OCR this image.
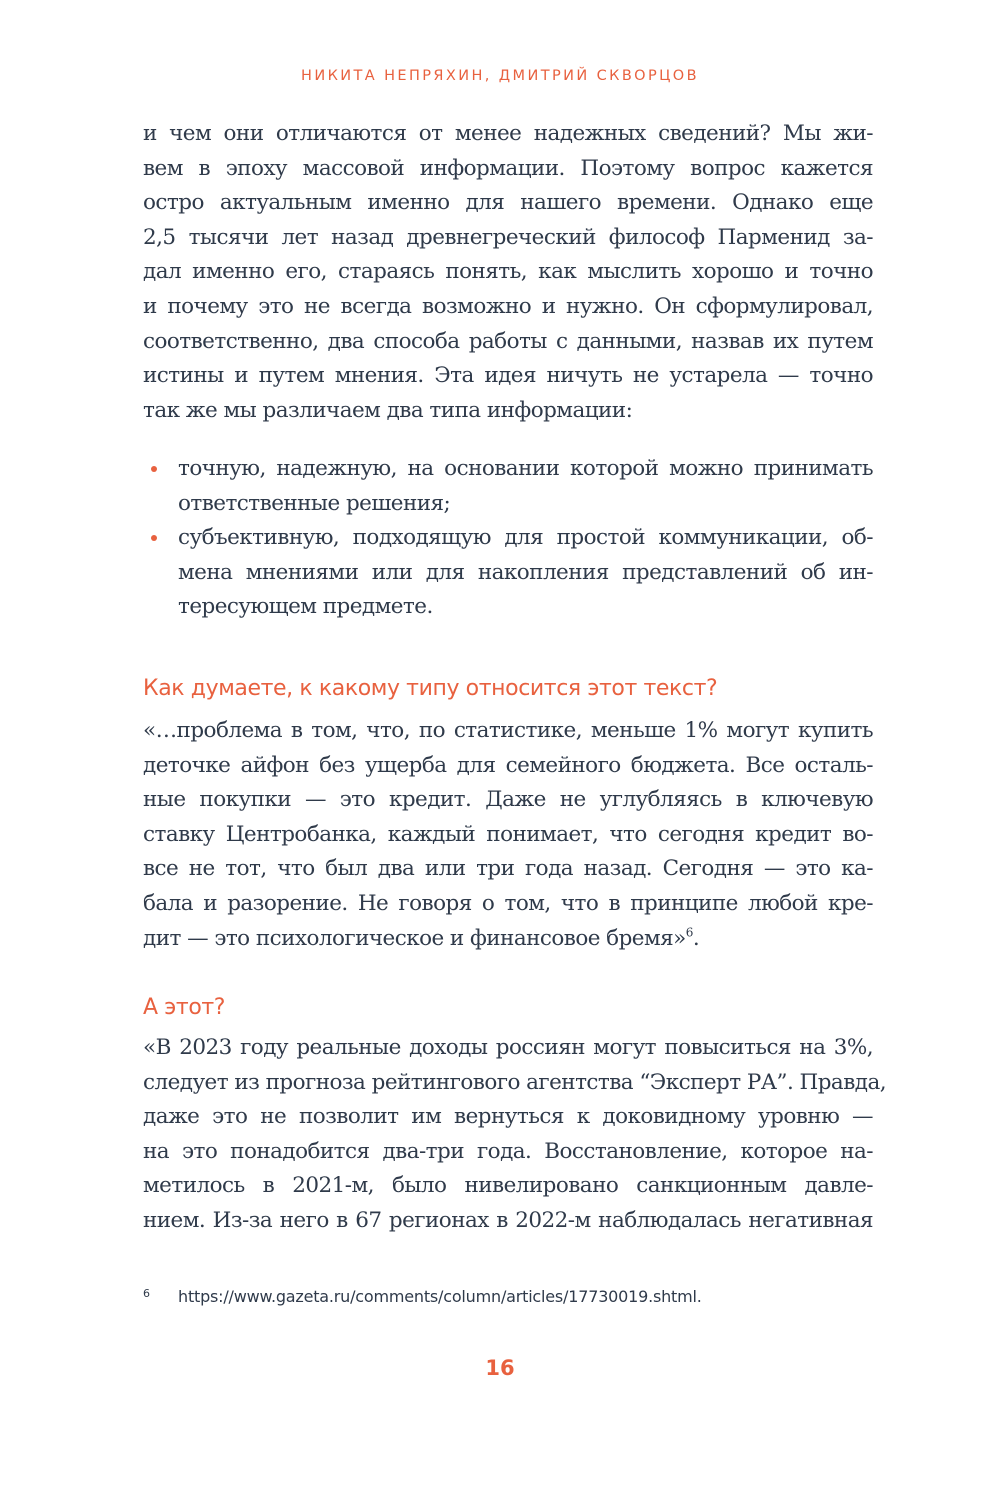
НИКИТА НЕПРЯХИН, ДМИТРИЙ СКВОРЦОВ
и чем они отличаются от менее надежных сведений? Мы жи-
вем в эпоху массовой информации. Поэтому вопрос кажется
остро актуальным именно для нашего времени. Однако еще
2,5 тысячи лет назад древнегреческий философ Парменид за-
дал именно его, стараясь понять, как мыслить хорошо и точно
и почему это не всегда возможно и нужно. Он сформулировал,
соответственно, два способа работы с данными, назвав их путем
истины и путем мнения. Эта идея ничуть не устарела — точно
так же мы различаем два типа информации:
точную, надежную, на основании которой можно принимать
ответственные решения;
субъективную, подходящую для простой коммуникации, об-
мена мнениями или для накопления представлений об ин-
тересующем предмете.
Как думаете, к какому типу относится этот текст?
«…проблема в том, что, по статистике, меньше 1% могут купить
деточке айфон без ущерба для семейного бюджета. Все осталь-
ные покупки — это кредит. Даже не углубляясь в ключевую
ставку Центробанка, каждый понимает, что сегодня кредит во-
все не тот, что был два или три года назад. Сегодня — это ка-
бала и разорение. Не говоря о том, что в принципе любой кре-
дит — это психологическое и финансовое бремя»$^6$.
А этот?
«В 2023 году реальные доходы россиян могут повыситься на 3%,
следует из прогноза рейтингового агентства “Эксперт РА”. Правда,
даже это не позволит им вернуться к доковидному уровню —
на это понадобится два-три года. Восстановление, которое на-
метилось в 2021-м, было нивелировано санкционным давле-
нием. Из-за него в 67 регионах в 2022-м наблюдалась негативная
6 https://www.gazeta.ru/comments/column/articles/17730019.shtml.
16
